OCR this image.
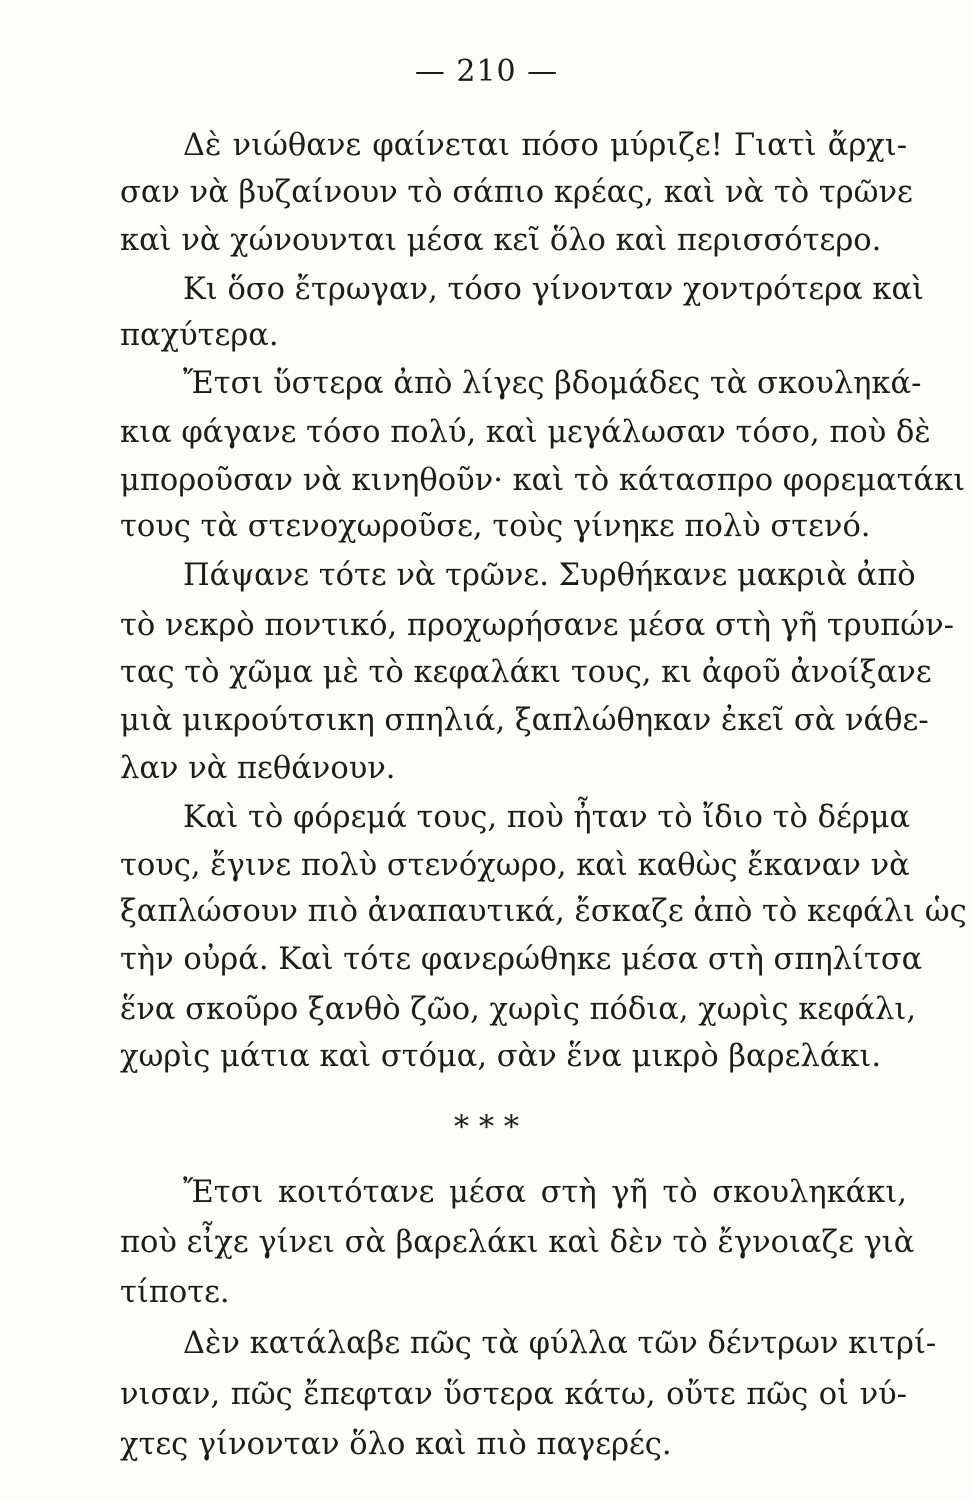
— 210 —
Δὲ νιώθανε φαίνεται πόσο μύριζε! Γιατὶ ἄρχι-
σαν νὰ βυζαίνουν τὸ σάπιο κρέας, καὶ νὰ τὸ τρῶνε
καὶ νὰ χώνουνται μέσα κεῖ ὅλο καὶ περισσότερο.
Κι ὅσο ἔτρωγαν, τόσο γίνονταν χοντρότερα καὶ
παχύτερα.
Ἔτσι ὕστερα ἀπὸ λίγες βδομάδες τὰ σκουληκά-
κια φάγανε τόσο πολύ, καὶ μεγάλωσαν τόσο, ποὺ δὲ
μποροῦσαν νὰ κινηθοῦν· καὶ τὸ κάτασπρο φορεματάκι
τους τὰ στενοχωροῦσε, τοὺς γίνηκε πολὺ στενό.
Πάψανε τότε νὰ τρῶνε. Συρθήκανε μακριὰ ἀπὸ
τὸ νεκρὸ ποντικό, προχωρήσανε μέσα στὴ γῆ τρυπών-
τας τὸ χῶμα μὲ τὸ κεφαλάκι τους, κι ἀφοῦ ἀνοίξανε
μιὰ μικρούτσικη σπηλιά, ξαπλώθηκαν ἐκεῖ σὰ νάθε-
λαν νὰ πεθάνουν.
Καὶ τὸ φόρεμά τους, ποὺ ἦταν τὸ ἴδιο τὸ δέρμα
τους, ἔγινε πολὺ στενόχωρο, καὶ καθὼς ἔκαναν νὰ
ξαπλώσουν πιὸ ἀναπαυτικά, ἔσκαζε ἀπὸ τὸ κεφάλι ὡς
τὴν οὐρά. Καὶ τότε φανερώθηκε μέσα στὴ σπηλίτσα
ἕνα σκοῦρο ξανθὸ ζῶο, χωρὶς πόδια, χωρὶς κεφάλι,
χωρὶς μάτια καὶ στόμα, σὰν ἕνα μικρὸ βαρελάκι.
* * *
Ἔτσι κοιτότανε μέσα στὴ γῆ τὸ σκουληκάκι,
ποὺ εἶχε γίνει σὰ βαρελάκι καὶ δὲν τὸ ἔγνοιαζε γιὰ
τίποτε.
Δὲν κατάλαβε πῶς τὰ φύλλα τῶν δέντρων κιτρί-
νισαν, πῶς ἔπεφταν ὕστερα κάτω, οὔτε πῶς οἱ νύ-
χτες γίνονταν ὅλο καὶ πιὸ παγερές.
